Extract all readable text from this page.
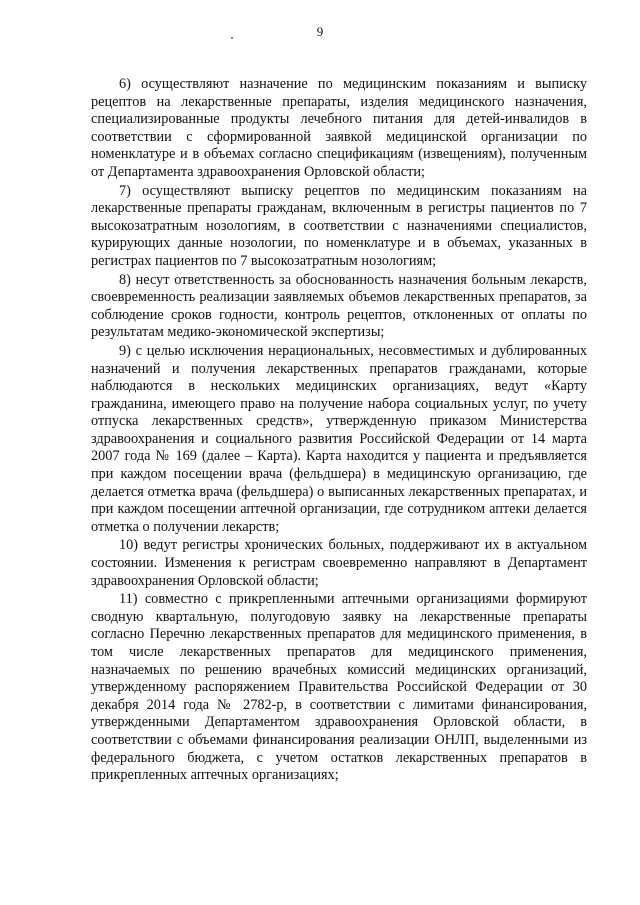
9

6) осуществляют назначение по медицинским показаниям и выписку рецептов на лекарственные препараты, изделия медицинского назначения, специализированные продукты лечебного питания для детей-инвалидов в соответствии с сформированной заявкой медицинской организации по номенклатуре и в объемах согласно спецификациям (извещениям), полученным от Департамента здравоохранения Орловской области;

7) осуществляют выписку рецептов по медицинским показаниям на лекарственные препараты гражданам, включенным в регистры пациентов по 7 высокозатратным нозологиям, в соответствии с назначениями специалистов, курирующих данные нозологии, по номенклатуре и в объемах, указанных в регистрах пациентов по 7 высокозатратным нозологиям;

8) несут ответственность за обоснованность назначения больным лекарств, своевременность реализации заявляемых объемов лекарственных препаратов, за соблюдение сроков годности, контроль рецептов, отклоненных от оплаты по результатам медико-экономической экспертизы;

9) с целью исключения нерациональных, несовместимых и дублированных назначений и получения лекарственных препаратов гражданами, которые наблюдаются в нескольких медицинских организациях, ведут «Карту гражданина, имеющего право на получение набора социальных услуг, по учету отпуска лекарственных средств», утвержденную приказом Министерства здравоохранения и социального развития Российской Федерации от 14 марта 2007 года № 169 (далее – Карта). Карта находится у пациента и предъявляется при каждом посещении врача (фельдшера) в медицинскую организацию, где делается отметка врача (фельдшера) о выписанных лекарственных препаратах, и при каждом посещении аптечной организации, где сотрудником аптеки делается отметка о получении лекарств;

10) ведут регистры хронических больных, поддерживают их в актуальном состоянии. Изменения к регистрам своевременно направляют в Департамент здравоохранения Орловской области;

11) совместно с прикрепленными аптечными организациями формируют сводную квартальную, полугодовую заявку на лекарственные препараты согласно Перечню лекарственных препаратов для медицинского применения, в том числе лекарственных препаратов для медицинского применения, назначаемых по решению врачебных комиссий медицинских организаций, утвержденному распоряжением Правительства Российской Федерации от 30 декабря 2014 года № 2782-р, в соответствии с лимитами финансирования, утвержденными Департаментом здравоохранения Орловской области, в соответствии с объемами финансирования реализации ОНЛП, выделенными из федерального бюджета, с учетом остатков лекарственных препаратов в прикрепленных аптечных организациях;
